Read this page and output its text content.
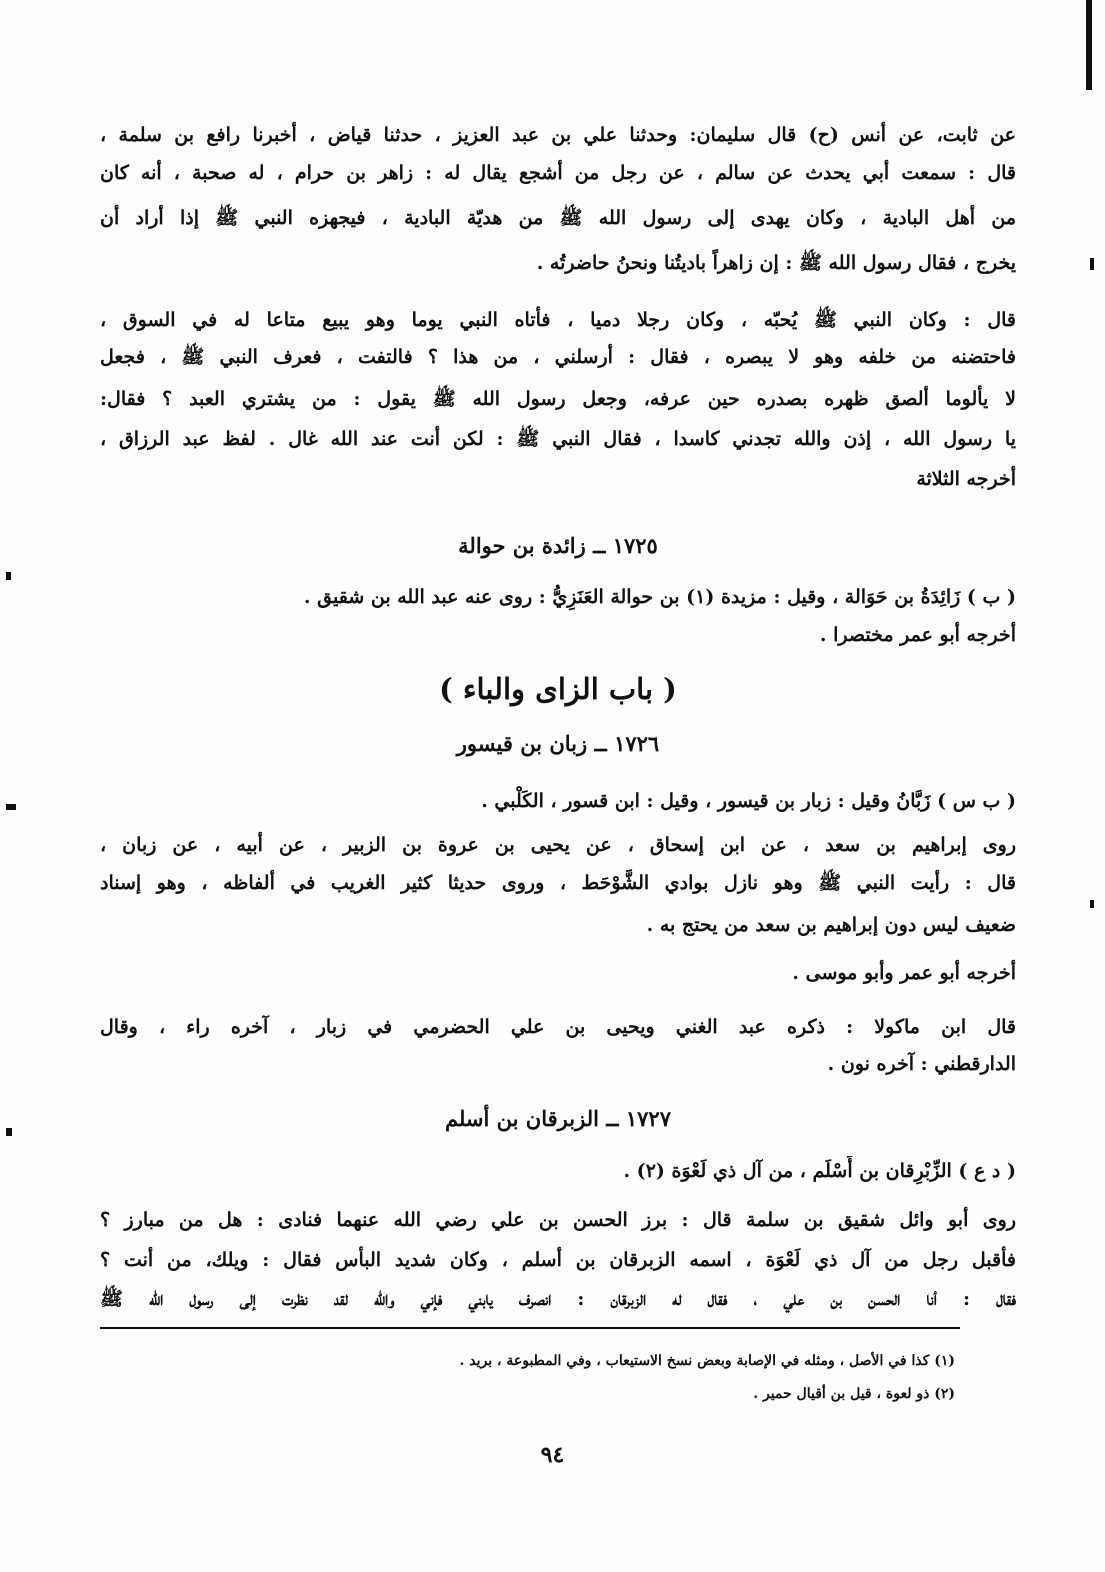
عن ثابت، عن أنس (ح) قال سليمان: وحدثنا علي بن عبد العزيز ، حدثنا قياض ، أخبرنا رافع بن سلمة ،
قال : سمعت أبي يحدث عن سالم ، عن رجل من أشجع يقال له : زاهر بن حرام ، له صحبة ، أنه كان
من أهل البادية ، وكان يهدى إلى رسول الله ﷺ من هديّة البادية ، فيجهزه النبي ﷺ إذا أراد أن
يخرج ، فقال رسول الله ﷺ : إن زاهراً باديتُنا ونحنُ حاضرتُه .
قال : وكان النبي ﷺ يُحبّه ، وكان رجلا دميا ، فأتاه النبي يوما وهو يبيع متاعا له في السوق ،
فاحتضنه من خلفه وهو لا يبصره ، فقال : أرسلني ، من هذا ؟ فالتفت ، فعرف النبي ﷺ ، فجعل
لا يألوما ألصق ظهره بصدره حين عرفه، وجعل رسول الله ﷺ يقول : من يشتري العبد ؟ فقال:
يا رسول الله ، إذن والله تجدني كاسدا ، فقال النبي ﷺ : لكن أنت عند الله غال . لفظ عبد الرزاق ،
أخرجه الثلاثة
١٧٢٥ ــ زائدة بن حوالة
( ب ) زَائِدَةُ بن حَوَالة ، وقيل : مزيدة (١) بن حوالة العَنَزِيُّ : روى عنه عبد الله بن شقيق .
أخرجه أبو عمر مختصرا .
( باب الزاى والباء )
١٧٢٦ ــ زبان بن قيسور
( ب س ) زَبَّانُ وقيل : زبار بن قيسور ، وقيل : ابن قسور ، الكَلْبي .
روى إبراهيم بن سعد ، عن ابن إسحاق ، عن يحيى بن عروة بن الزبير ، عن أبيه ، عن زبان ،
قال : رأيت النبي ﷺ وهو نازل بوادي الشَّوْحَط ، وروى حديثا كثير الغريب في ألفاظه ، وهو إسناد
ضعيف ليس دون إبراهيم بن سعد من يحتج به .
أخرجه أبو عمر وأبو موسى .
قال ابن ماكولا : ذكره عبد الغني ويحيى بن علي الحضرمي في زبار ، آخره راء ، وقال
الدارقطني : آخره نون .
١٧٢٧ ــ الزبرقان بن أسلم
( د ع ) الزِّبْرِقان بن أَسْلَم ، من آل ذي لَعْوَة (٢) .
روى أبو وائل شقيق بن سلمة قال : برز الحسن بن علي رضي الله عنهما فنادى : هل من مبارز ؟
فأقبل رجل من آل ذي لَعْوَة ، اسمه الزبرقان بن أسلم ، وكان شديد البأس فقال : ويلك، من أنت ؟
فقال : أنا الحسن بن علي ، فقال له الزبرقان : انصرف يابني فإني والله لقد نظرت إلى رسول الله ﷺ
(١) كذا في الأصل ، ومثله في الإصابة وبعض نسخ الاستيعاب ، وفي المطبوعة ، بريد .
(٢) ذو لعوة ، قيل بن أقيال حمير .
٩٤
